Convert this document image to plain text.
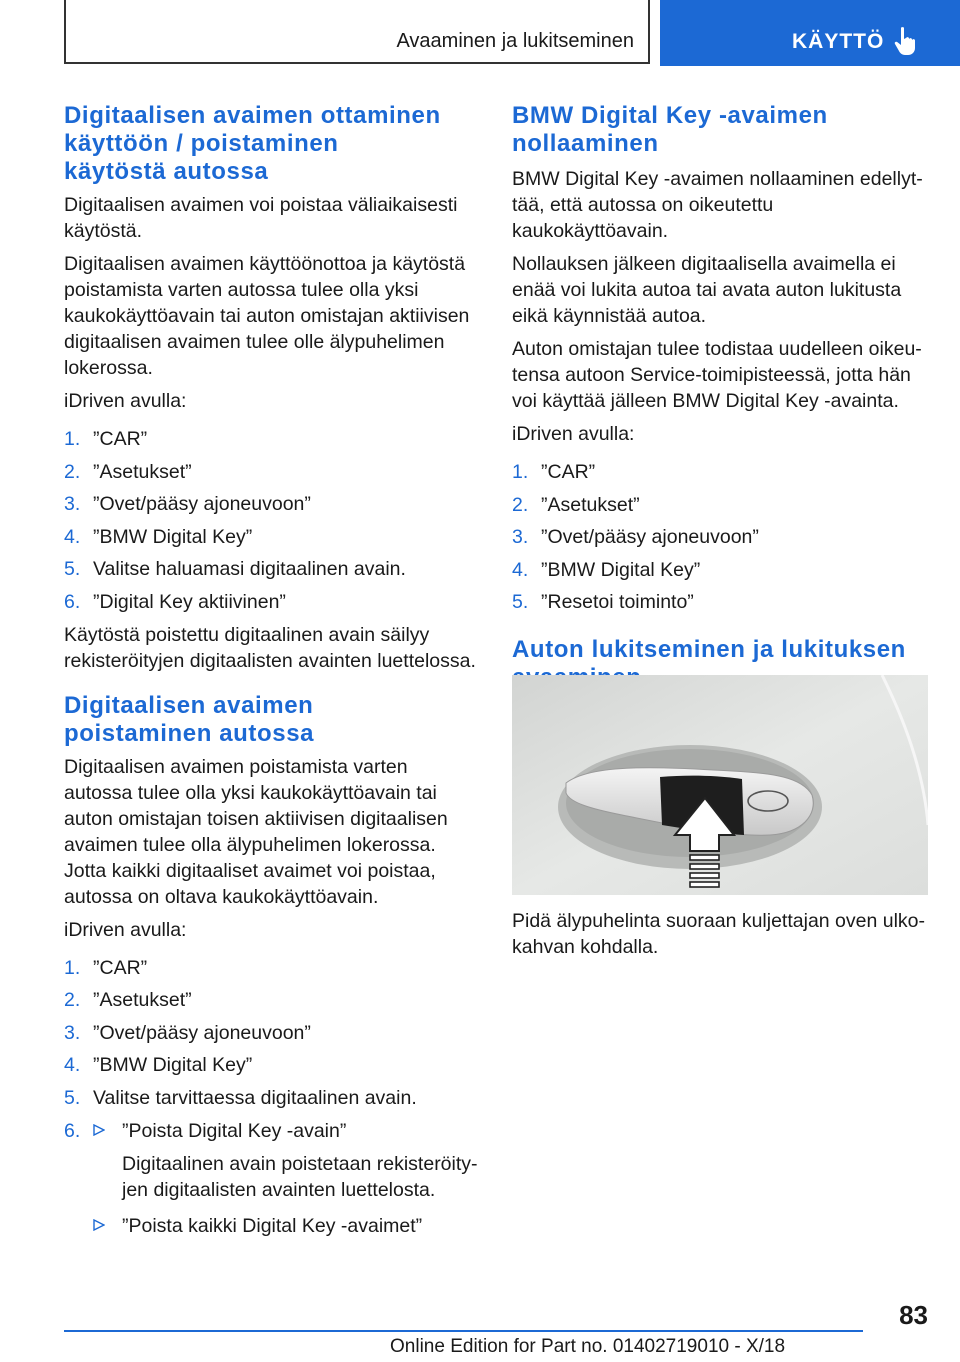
Avaaminen ja lukitseminen	KÄYTTÖ
Digitaalisen avaimen ottaminen käyttöön / poistaminen käytöstä autossa

Digitaalisen avaimen voi poistaa väliaikaisesti käytöstä.

Digitaalisen avaimen käyttöönottoa ja käytöstä poistamista varten autossa tulee olla yksi kaukokäyttöavain tai auton omistajan aktiivisen digitaalisen avaimen tulee olle älypuhelimen lokerossa.

iDriven avulla:

1. ”CAR”
2. ”Asetukset”
3. ”Ovet/pääsy ajoneuvoon”
4. ”BMW Digital Key”
5. Valitse haluamasi digitaalinen avain.
6. ”Digital Key aktiivinen”

Käytöstä poistettu digitaalinen avain säilyy rekisteröityjen digitaalisten avainten luettelossa.

Digitaalisen avaimen poistaminen autossa

Digitaalisen avaimen poistamista varten autossa tulee olla yksi kaukokäyttöavain tai auton omistajan toisen aktiivisen digitaalisen avaimen tulee olla älypuhelimen lokerossa. Jotta kaikki digitaaliset avaimet voi poistaa, autossa on oltava kaukokäyttöavain.

iDriven avulla:

1. ”CAR”
2. ”Asetukset”
3. ”Ovet/pääsy ajoneuvoon”
4. ”BMW Digital Key”
5. Valitse tarvittaessa digitaalinen avain.
6. ”Poista Digital Key -avain”

Digitaalinen avain poistetaan rekisteröityjen digitaalisten avainten luettelosta.

”Poista kaikki Digital Key -avaimet”

BMW Digital Key -avaimen nollaaminen

BMW Digital Key -avaimen nollaaminen edellyttää, että autossa on oikeutettu kaukokäyttöavain.

Nollauksen jälkeen digitaalisella avaimella ei enää voi lukita autoa tai avata auton lukitusta eikä käynnistää autoa.

Auton omistajan tulee todistaa uudelleen oikeutensa autoon Service-toimipisteessä, jotta hän voi käyttää jälleen BMW Digital Key -avainta.

iDriven avulla:

1. ”CAR”
2. ”Asetukset”
3. ”Ovet/pääsy ajoneuvoon”
4. ”BMW Digital Key”
5. ”Resetoi toiminto”
Auton lukitseminen ja lukituksen

Pidä älypuhelinta suoraan kuljettajan oven ulkokahvan kohdalla.

83
Online Edition for Part no. 01402719010 - X/18
